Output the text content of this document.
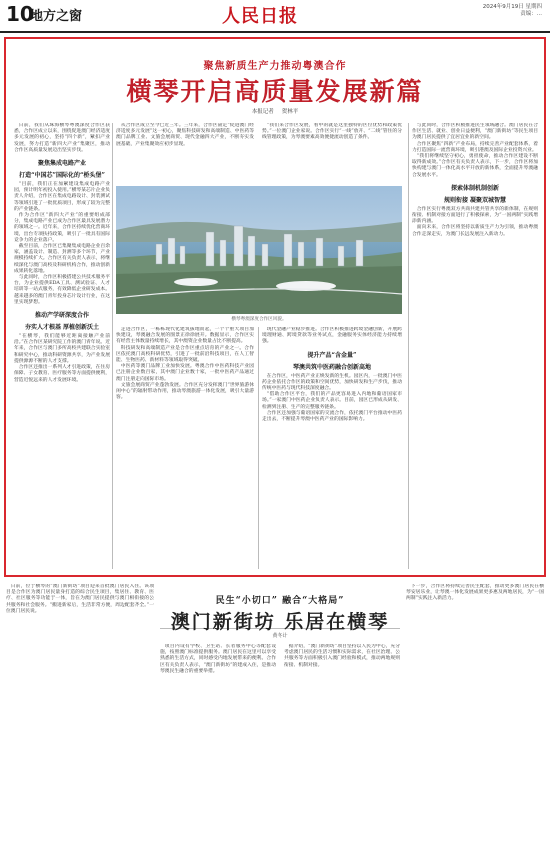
10
地方之窗	人民日报	2024年9月19日 星期四
责编：...
聚焦新质生产力推动粤澳合作
横琴开启高质量发展新篇
本报记者 贺林平

日前，我们从珠海横琴粤澳深度合作区获悉，合作区成立以来，围绕促进澳门经济适度多元发展的初心，坚持“四个新”，紧扣产业发展，努力打造“新四大产业”集聚区，推动合作区高质量发展迈出坚实步伐。

聚焦集成电路产业
打造“中国芯”国际化的“桥头堡”

“目前，我们正在加紧建设集成电路产业园，预计明年初投入使用。”横琴某芯片企业负责人介绍，合作区在集成电路设计、封装测试等领域引进了一批优质项目，形成了较为完整的产业链条。

作为合作区“新四大产业”的重要组成部分，集成电路产业已成为合作区最具发展潜力的领域之一。近年来，合作区持续优化营商环境，出台专项扶持政策，吸引了一批具有国际竞争力的企业落户。

截至目前，合作区已集聚集成电路企业百余家，涵盖设计、制造、封测等多个环节，产业规模持续扩大。合作区有关负责人表示，将继续深化与澳门高校及科研机构合作，推动创新成果转化落地。

与此同时，合作区积极搭建公共技术服务平台，为企业提供EDA工具、测试验证、人才培训等一站式服务，有效降低企业研发成本。越来越多的澳门青年投身芯片设计行业，在这里实现梦想。

推动产学研深度合作
夯实人才根基 厚植创新沃土

“在横琴，我们能够近距离接触产业前沿。”在合作区某研究院工作的澳门青年说。近年来，合作区与澳门多所高校共建联合实验室和研究中心，推动科研资源共享，为产业发展提供源源不断的人才支撑。

合作区还推出一系列人才引进政策，在住房保障、子女教育、医疗服务等方面提供便利，营造近悦远来的人才发展环境。

从合作区成立至今已近三年。三年来，合作区锚定“促进澳门经济适度多元发展”这一初心，聚焦科技研发和高端制造、中医药等澳门品牌工业、文旅会展商贸、现代金融四大产业，不断夯实发展基础，产业集聚效应初步显现。

“我们来合作区发展，看中的就是这里独特的区位优势和政策优势。”一位澳门企业家说。合作区实行“一线”放开、“二线”管住的分线管理政策，为琴澳要素高效便捷流动创造了条件。

横琴粤澳深度合作区风貌。

与此同时，合作区积极推进民生领域融合。澳门居民在合作区生活、就业、创业日益便利，“澳门新街坊”等民生项目为澳门居民提供了宜居宜业的新空间。

合作区聚焦“四新”产业布局，持续完善产业配套体系，着力打造国际一流营商环境，吸引港澳及国际企业投资兴业。

“我们将继续坚守初心，勇担使命，推动合作区建设不断取得新成效。”合作区有关负责人表示，下一步，合作区将加快构建与澳门一体化高水平开放的新体系，全面提升琴澳融合发展水平。

探索体制机制创新
规则衔接 凝聚双城智慧

合作区实行粤澳双方共商共建共管共享的新体制，在规则衔接、机制对接方面进行了积极探索，为“一国两制”实践增添新内涵。

面向未来，合作区将坚持以新质生产力为引领，推动粤澳合作走深走实，为澳门长远发展注入新动力。

走进合作区，一栋栋现代化建筑拔地而起，一个个重大项目加快建设，琴澳融合发展的图景正徐徐展开。数据显示，合作区实有经营主体数量持续增长，其中澳资企业数量占比不断提高。

科技研发和高端制造产业是合作区重点培育的产业之一。合作区依托澳门高校科研优势，引进了一批前沿科技项目，在人工智能、生物医药、新材料等领域取得突破。

中医药等澳门品牌工业加快发展。粤澳合作中医药科技产业园已注册企业数百家，其中澳门企业数十家，一批中医药产品通过澳门注册走向国际市场。

文旅会展商贸产业蓬勃发展。合作区充分发挥澳门“世界旅游休闲中心”的辐射带动作用，推动琴澳旅游一体化发展，吸引大量游客。

现代金融产业稳步推进。合作区积极推进跨境金融创新，开展跨境理财通、跨境贷款等业务试点，金融服务实体经济能力持续增强。

提升产品“含金量”
琴澳共筑中医药融合创新高地

在合作区，中医药产业正焕发新的生机。园区内，一批澳门中医药企业依托合作区的政策和空间优势，加快研发和生产步伐，推动传统中医药与现代科技深度融合。

“借助合作区平台，我们的产品更容易进入内地和葡语国家市场。”一家澳门中医药企业负责人表示。目前，园区已形成从研发、检测到注册、生产的完整服务链条。

合作区还加强与葡语国家的交流合作，依托澳门平台推动中医药走出去，不断提升琴澳中医药产业的国际影响力。

民生“小切口” 融合“大格局”
澳门新街坊 乐居在横琴
黄冬计

日前，位于横琴的“澳门新街坊”项目迎来首批澳门居民入住。该项目是合作区为澳门居民量身打造的综合民生项目，集居住、教育、医疗、社区服务等功能于一体，旨在为澳门居民提供与澳门相衔接的公共服务和社会服务。“搬进新家后，生活非常方便，周边配套齐全。”一位澳门居民说。

项目内设有学校、卫生站、长者服务中心等配套设施，按照澳门标准提供服务。澳门居民在这里可以享受熟悉的生活方式，同时感受内地发展带来的便利。合作区有关负责人表示，“澳门新街坊”的建成入住，是推动琴澳民生融合的重要举措。

据介绍，“澳门新街坊”项目坚持以人民为中心，充分考虑澳门居民的生活习惯和实际需求，在社区治理、公共服务等方面积极引入澳门经验和模式，推动两地规则衔接、机制对接。

下一步，合作区将持续完善民生配套，推动更多澳门居民在横琴安居乐业，让琴澳一体化发展成果更多惠及两地居民，为“一国两制”实践注入新活力。
